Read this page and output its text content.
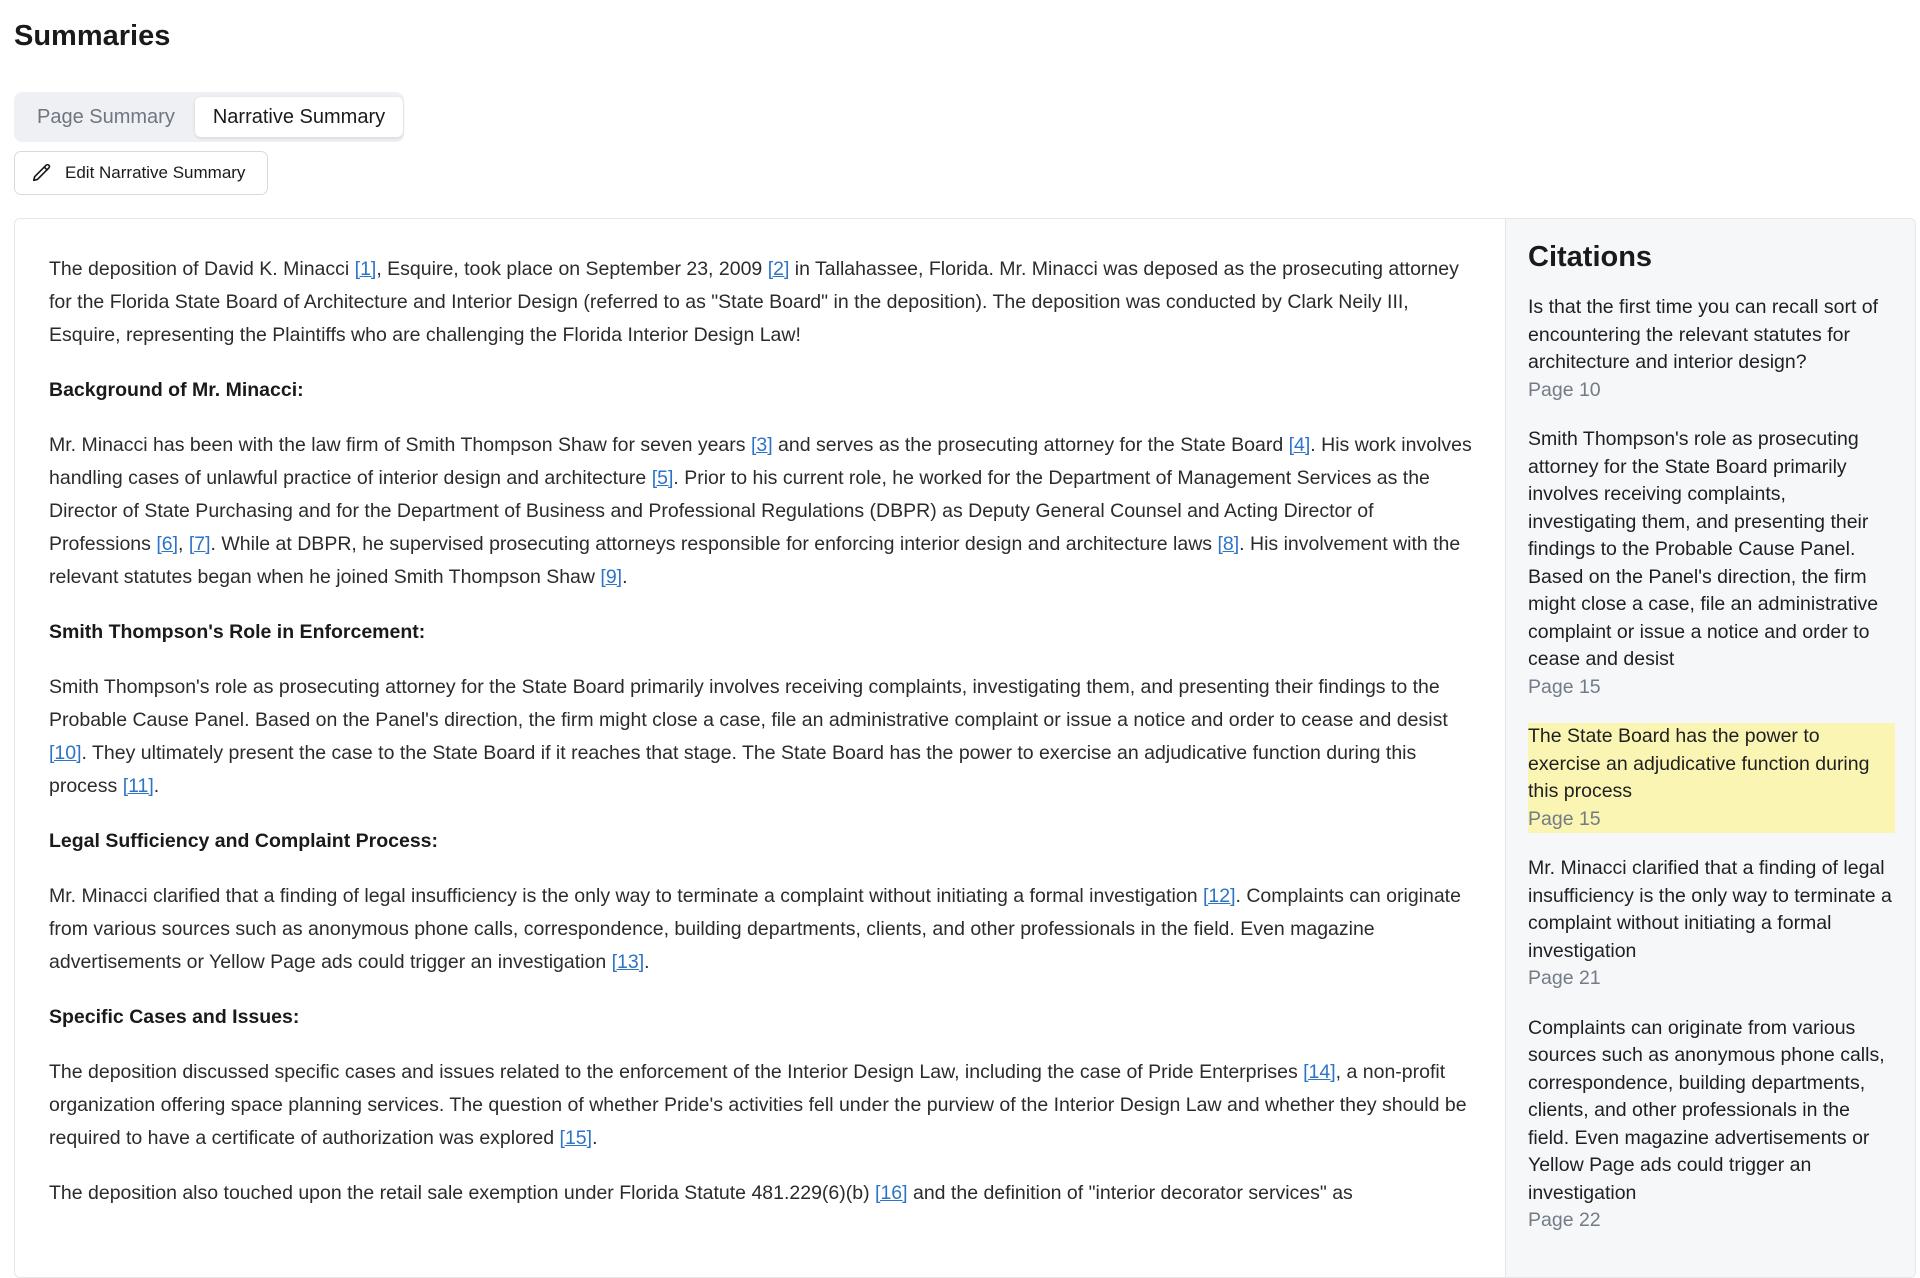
Summaries
Page Summary	Narrative Summary
Edit Narrative Summary

The deposition of David K. Minacci [1], Esquire, took place on September 23, 2009 [2] in Tallahassee, Florida. Mr. Minacci was deposed as the prosecuting attorney for the Florida State Board of Architecture and Interior Design (referred to as "State Board" in the deposition). The deposition was conducted by Clark Neily III, Esquire, representing the Plaintiffs who are challenging the Florida Interior Design Law!

Background of Mr. Minacci:

Mr. Minacci has been with the law firm of Smith Thompson Shaw for seven years [3] and serves as the prosecuting attorney for the State Board [4]. His work involves handling cases of unlawful practice of interior design and architecture [5]. Prior to his current role, he worked for the Department of Management Services as the Director of State Purchasing and for the Department of Business and Professional Regulations (DBPR) as Deputy General Counsel and Acting Director of Professions [6], [7]. While at DBPR, he supervised prosecuting attorneys responsible for enforcing interior design and architecture laws [8]. His involvement with the relevant statutes began when he joined Smith Thompson Shaw [9].

Smith Thompson's Role in Enforcement:

Smith Thompson's role as prosecuting attorney for the State Board primarily involves receiving complaints, investigating them, and presenting their findings to the Probable Cause Panel. Based on the Panel's direction, the firm might close a case, file an administrative complaint or issue a notice and order to cease and desist [10]. They ultimately present the case to the State Board if it reaches that stage. The State Board has the power to exercise an adjudicative function during this process [11].

Legal Sufficiency and Complaint Process:

Mr. Minacci clarified that a finding of legal insufficiency is the only way to terminate a complaint without initiating a formal investigation [12]. Complaints can originate from various sources such as anonymous phone calls, correspondence, building departments, clients, and other professionals in the field. Even magazine advertisements or Yellow Page ads could trigger an investigation [13].

Specific Cases and Issues:

The deposition discussed specific cases and issues related to the enforcement of the Interior Design Law, including the case of Pride Enterprises [14], a non-profit organization offering space planning services. The question of whether Pride's activities fell under the purview of the Interior Design Law and whether they should be required to have a certificate of authorization was explored [15].

The deposition also touched upon the retail sale exemption under Florida Statute 481.229(6)(b) [16] and the definition of "interior decorator services" as

Citations
Is that the first time you can recall sort of encountering the relevant statutes for architecture and interior design?
Page 10
Smith Thompson's role as prosecuting attorney for the State Board primarily involves receiving complaints, investigating them, and presenting their findings to the Probable Cause Panel. Based on the Panel's direction, the firm might close a case, file an administrative complaint or issue a notice and order to cease and desist
Page 15
The State Board has the power to exercise an adjudicative function during this process
Page 15
Mr. Minacci clarified that a finding of legal insufficiency is the only way to terminate a complaint without initiating a formal investigation
Page 21
Complaints can originate from various sources such as anonymous phone calls, correspondence, building departments, clients, and other professionals in the field. Even magazine advertisements or Yellow Page ads could trigger an investigation
Page 22
